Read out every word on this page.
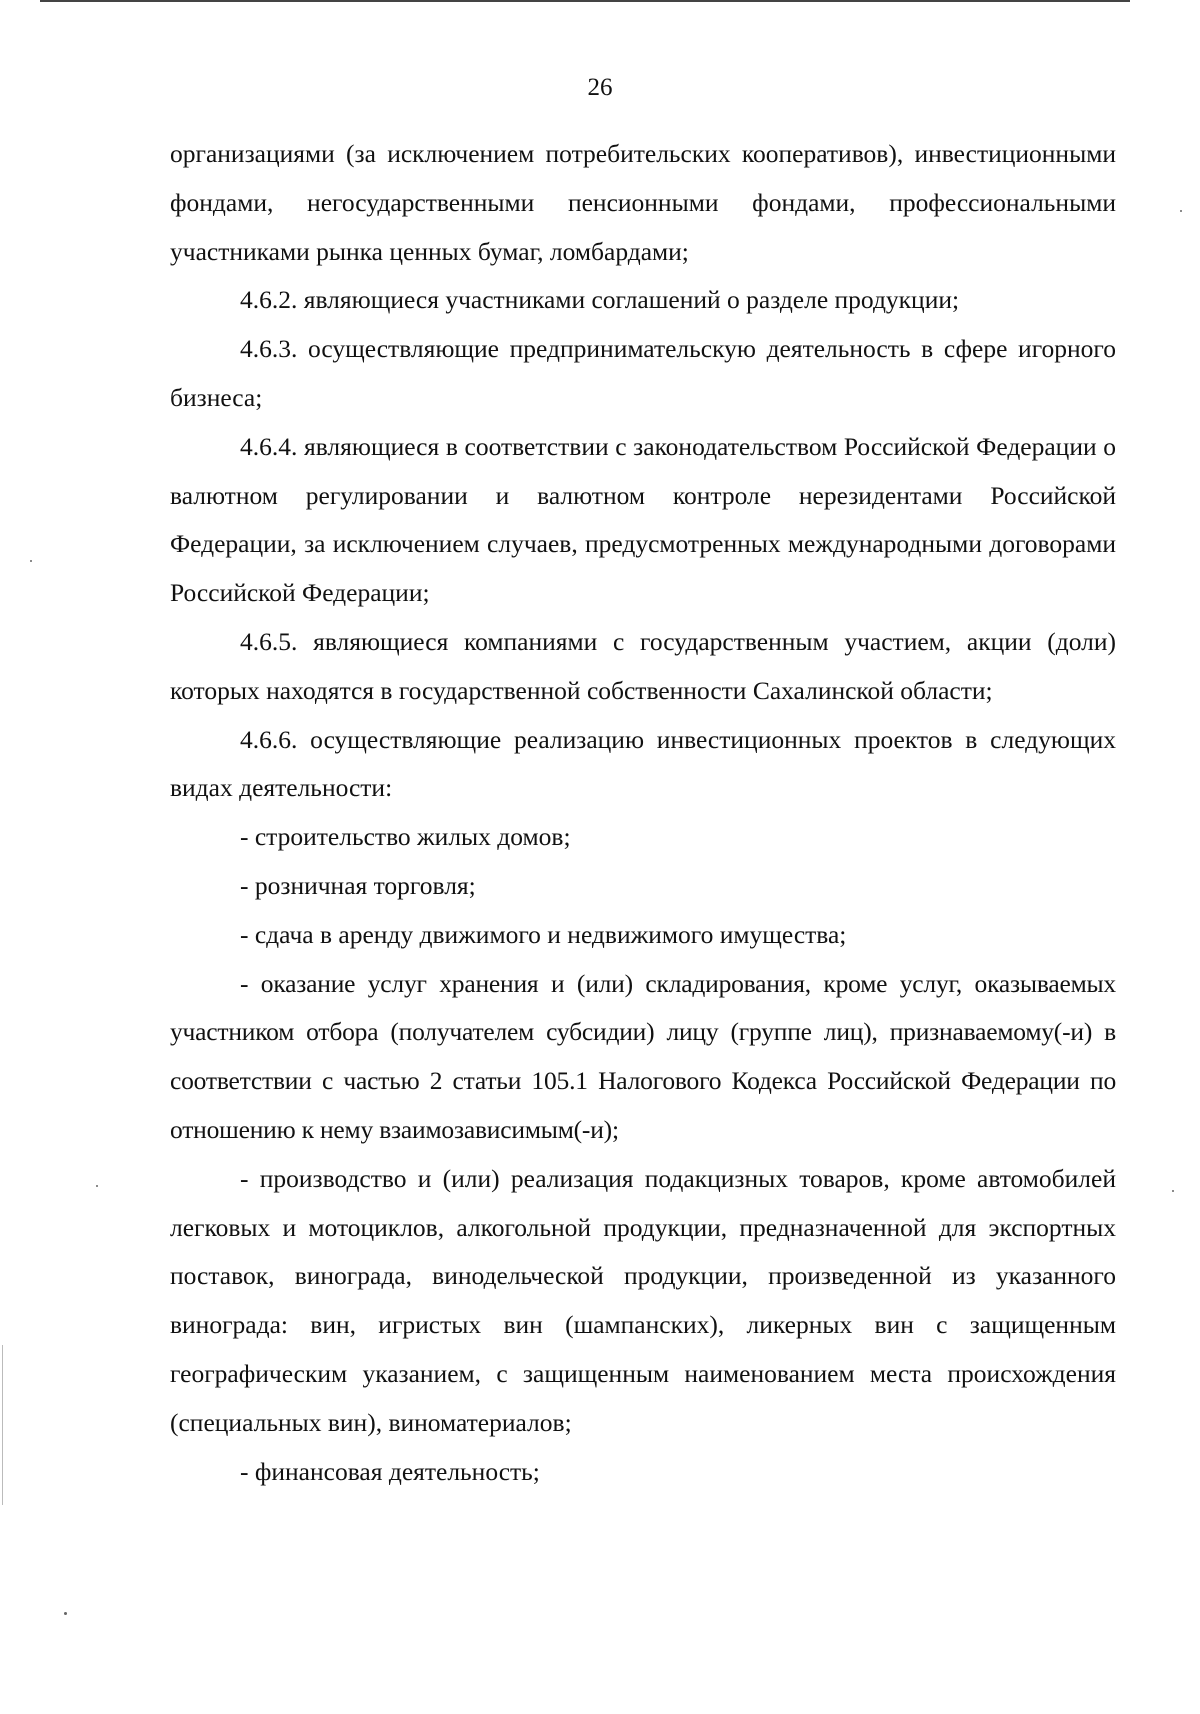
26

организациями (за исключением потребительских кооперативов), инвестиционными фондами, негосударственными пенсионными фондами, профессиональными участниками рынка ценных бумаг, ломбардами;

4.6.2. являющиеся участниками соглашений о разделе продукции;

4.6.3. осуществляющие предпринимательскую деятельность в сфере игорного бизнеса;

4.6.4. являющиеся в соответствии с законодательством Российской Федерации о валютном регулировании и валютном контроле нерезидентами Российской Федерации, за исключением случаев, предусмотренных международными договорами Российской Федерации;

4.6.5. являющиеся компаниями с государственным участием, акции (доли) которых находятся в государственной собственности Сахалинской области;

4.6.6. осуществляющие реализацию инвестиционных проектов в следующих видах деятельности:

- строительство жилых домов;

- розничная торговля;

- сдача в аренду движимого и недвижимого имущества;

- оказание услуг хранения и (или) складирования, кроме услуг, оказываемых участником отбора (получателем субсидии) лицу (группе лиц), признаваемому(-и) в соответствии с частью 2 статьи 105.1 Налогового Кодекса Российской Федерации по отношению к нему взаимозависимым(-и);

- производство и (или) реализация подакцизных товаров, кроме автомобилей легковых и мотоциклов, алкогольной продукции, предназначенной для экспортных поставок, винограда, винодельческой продукции, произведенной из указанного винограда: вин, игристых вин (шампанских), ликерных вин с защищенным географическим указанием, с защищенным наименованием места происхождения (специальных вин), виноматериалов;

- финансовая деятельность;
